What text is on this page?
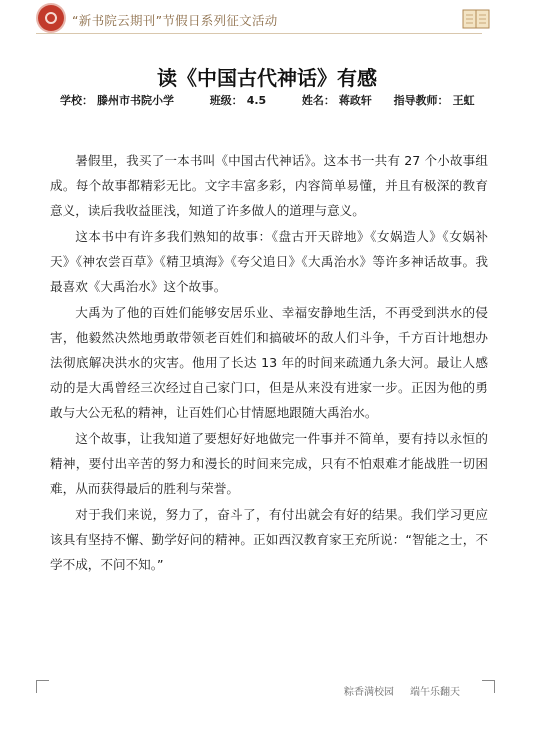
“新书院云期刊”节假日系列征文活动
读《中国古代神话》有感
学校： 滕州市书院小学	班级： 4.5	姓名： 蒋政轩 指导教师： 王虹

暑假里，我买了一本书叫《中国古代神话》。这本书一共有 27 个小故事组成。每个故事都精彩无比。文字丰富多彩，内容简单易懂，并且有极深的教育意义，读后我收益匪浅，知道了许多做人的道理与意义。

这本书中有许多我们熟知的故事：《盘古开天辟地》《女娲造人》《女娲补天》《神农尝百草》《精卫填海》《夸父追日》《大禹治水》等许多神话故事。我最喜欢《大禹治水》这个故事。

大禹为了他的百姓们能够安居乐业、幸福安静地生活，不再受到洪水的侵害，他毅然决然地勇敢带领老百姓们和搞破坏的敌人们斗争，千方百计地想办法彻底解决洪水的灾害。他用了长达 13 年的时间来疏通九条大河。最让人感动的是大禹曾经三次经过自己家门口，但是从来没有进家一步。正因为他的勇敢与大公无私的精神，让百姓们心甘情愿地跟随大禹治水。

这个故事，让我知道了要想好好地做完一件事并不简单，要有持以永恒的精神，要付出辛苦的努力和漫长的时间来完成，只有不怕艰难才能战胜一切困难，从而获得最后的胜利与荣誉。

对于我们来说，努力了，奋斗了，有付出就会有好的结果。我们学习更应该具有坚持不懈、勤学好问的精神。正如西汉教育家王充所说：“智能之士，不学不成，不问不知。”

粽香满校园 端午乐翻天
